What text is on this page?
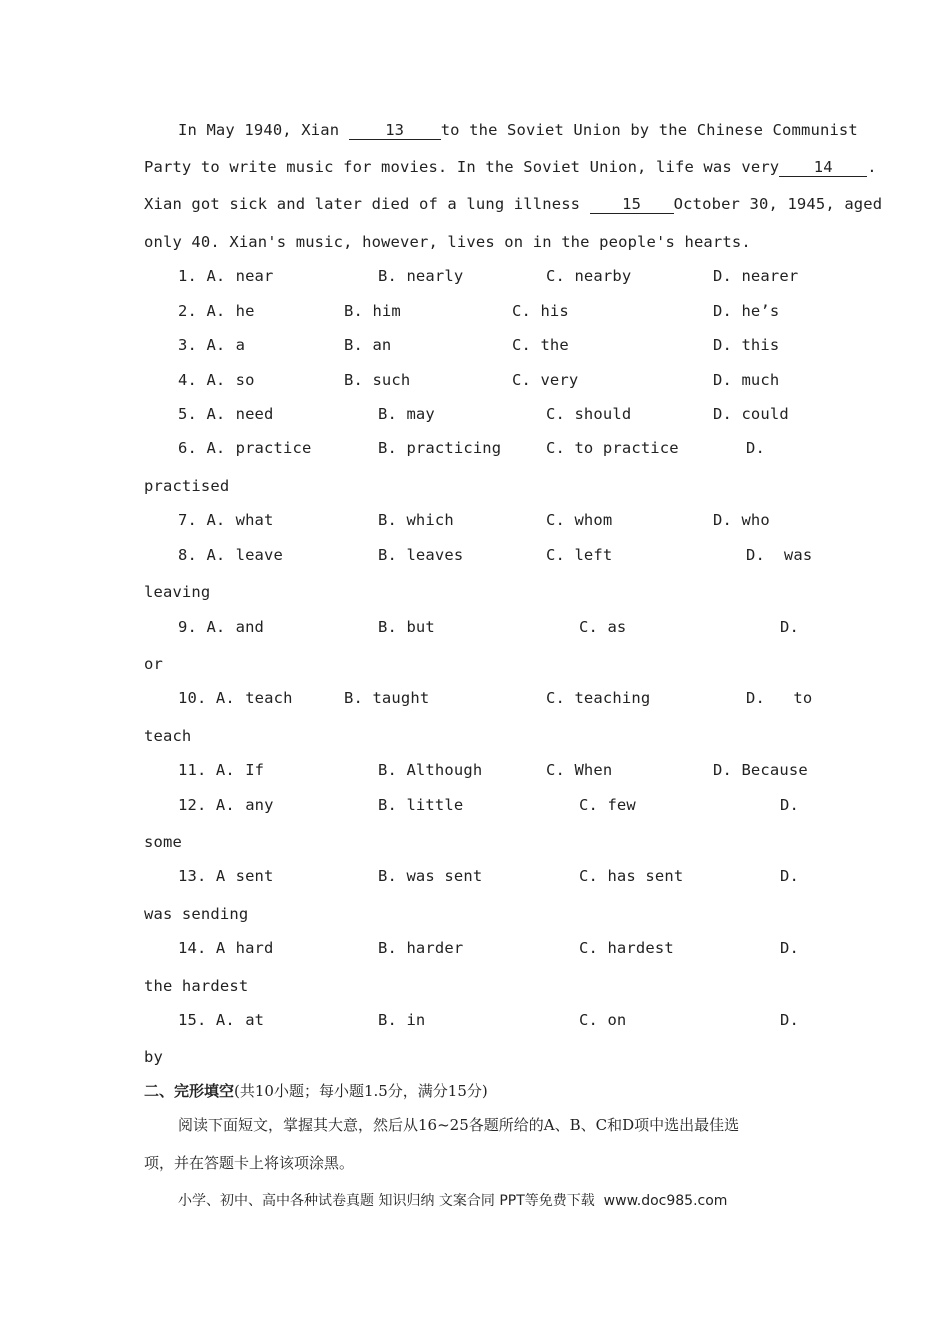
In May 1940, Xian 13 to the Soviet Union by the Chinese Communist
Party to write music for movies. In the Soviet Union, life was very 14 .
Xian got sick and later died of a lung illness 15 October 30, 1945, aged
only 40. Xian's music, however, lives on in the people's hearts.
1. A. near	B. nearly	C. nearby	D. nearer
2. A. he	B. him	C. his	D. he’s
3. A. a	B. an	C. the	D. this
4. A. so	B. such	C. very	D. much
5. A. need	B. may	C. should	D. could
6. A. practice	B. practicing	C. to practice	D.
practised
7. A. what	B. which	C. whom	D. who
8. A. leave	B. leaves	C. left	D.  was
leaving
9. A. and	B. but	C. as	D.
or
10. A. teach	B. taught	C. teaching	D.   to
teach
11. A. If	B. Although	C. When	D. Because
12. A. any	B. little	C. few	D.
some
13. A sent	B. was sent	C. has sent	D.
was sending
14. A hard	B. harder	C. hardest	D.
the hardest
15. A. at	B. in	C. on	D.
by
二、完形填空(共10小题；每小题1.5分，满分15分)
阅读下面短文，掌握其大意，然后从16~25各题所给的A、B、C和D项中选出最佳选
项，并在答题卡上将该项涂黑。
小学、初中、高中各种试卷真题 知识归纳 文案合同 PPT等免费下载  www.doc985.com
